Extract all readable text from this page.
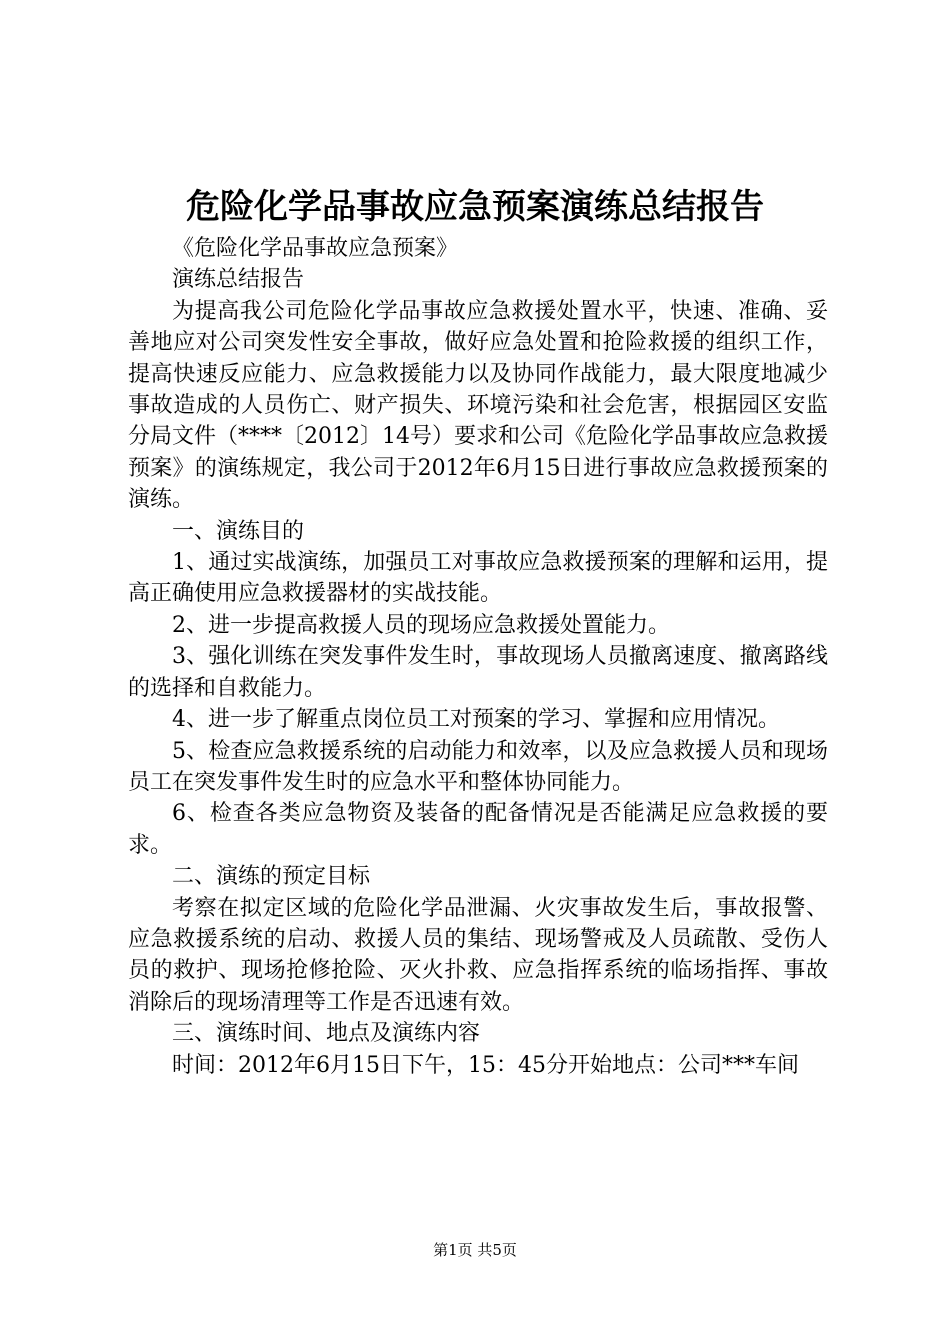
危险化学品事故应急预案演练总结报告

《危险化学品事故应急预案》

演练总结报告

为提高我公司危险化学品事故应急救援处置水平，快速、准确、妥善地应对公司突发性安全事故，做好应急处置和抢险救援的组织工作，提高快速反应能力、应急救援能力以及协同作战能力，最大限度地减少事故造成的人员伤亡、财产损失、环境污染和社会危害，根据园区安监分局文件（****〔2012〕14号）要求和公司《危险化学品事故应急救援预案》的演练规定，我公司于2012年6月15日进行事故应急救援预案的演练。

一、演练目的

1、通过实战演练，加强员工对事故应急救援预案的理解和运用，提高正确使用应急救援器材的实战技能。

2、进一步提高救援人员的现场应急救援处置能力。

3、强化训练在突发事件发生时，事故现场人员撤离速度、撤离路线的选择和自救能力。

4、进一步了解重点岗位员工对预案的学习、掌握和应用情况。

5、检查应急救援系统的启动能力和效率，以及应急救援人员和现场员工在突发事件发生时的应急水平和整体协同能力。

6、检查各类应急物资及装备的配备情况是否能满足应急救援的要求。

二、演练的预定目标

考察在拟定区域的危险化学品泄漏、火灾事故发生后，事故报警、应急救援系统的启动、救援人员的集结、现场警戒及人员疏散、受伤人员的救护、现场抢修抢险、灭火扑救、应急指挥系统的临场指挥、事故消除后的现场清理等工作是否迅速有效。

三、演练时间、地点及演练内容

时间：2012年6月15日下午，15：45分开始地点：公司***车间

第1页 共5页
